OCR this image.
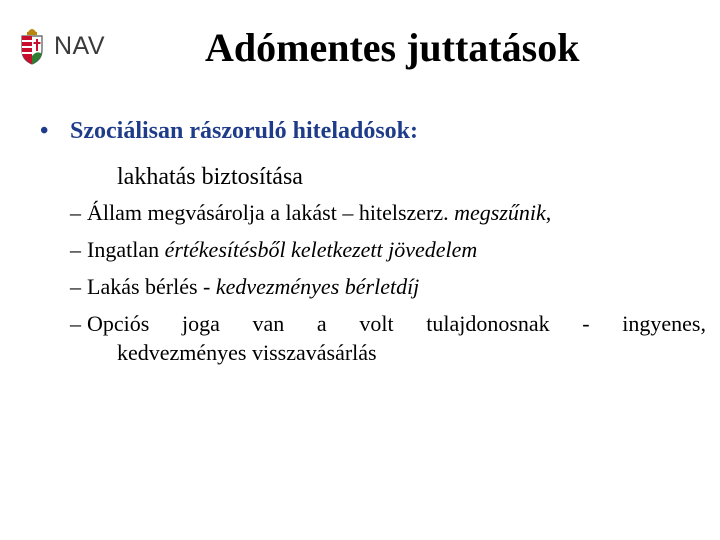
NAV Adómentes juttatások
• Szociálisan rászoruló hiteladósok:
lakhatás biztosítása
– Állam megvásárolja a lakást – hitelszerz. megszűnik,
– Ingatlan értékesítésből keletkezett jövedelem
– Lakás bérlés - kedvezményes bérletdíj
– Opciós joga van a volt tulajdonosnak - ingyenes,
kedvezményes visszavásárlás
